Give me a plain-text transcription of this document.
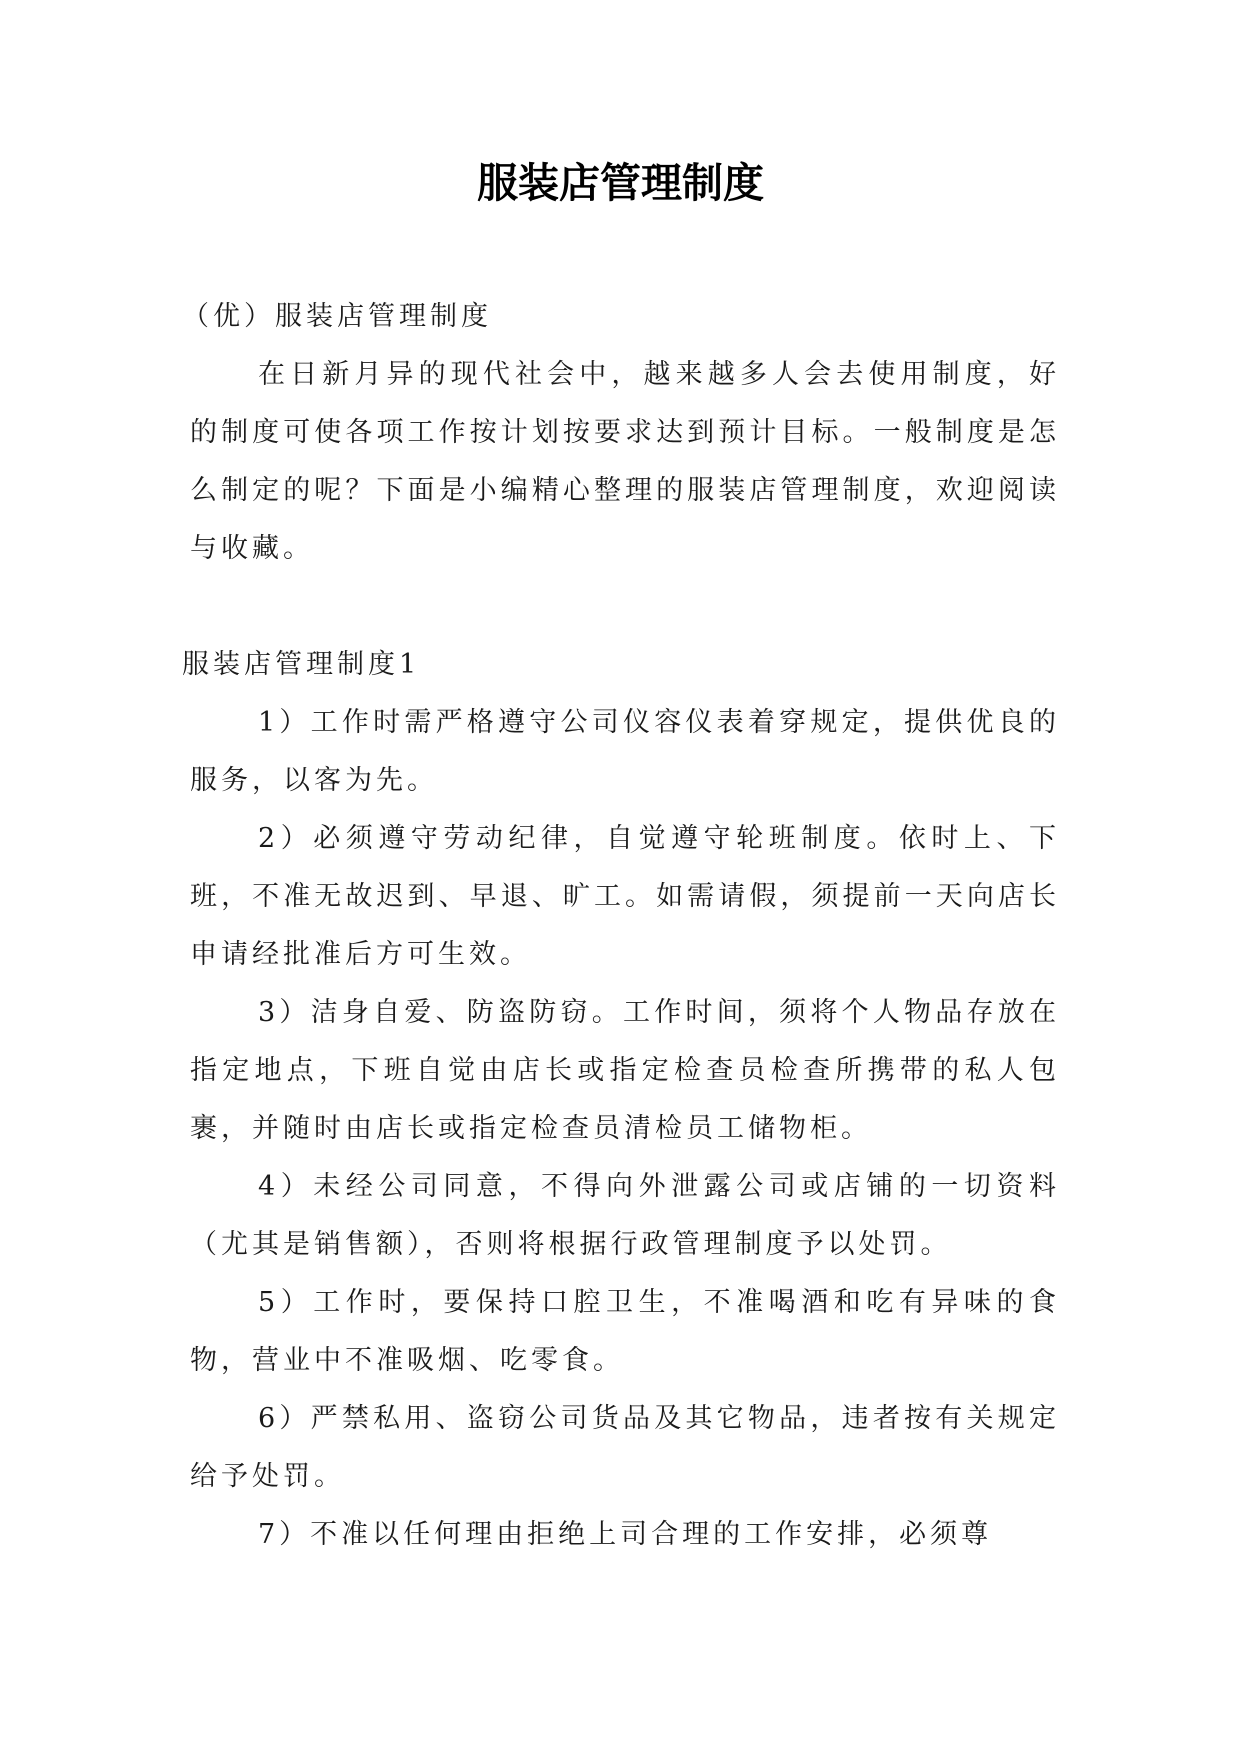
服装店管理制度

（优）服装店管理制度

在日新月异的现代社会中，越来越多人会去使用制度，好的制度可使各项工作按计划按要求达到预计目标。一般制度是怎么制定的呢？下面是小编精心整理的服装店管理制度，欢迎阅读与收藏。

服装店管理制度1

1）工作时需严格遵守公司仪容仪表着穿规定，提供优良的服务，以客为先。

2）必须遵守劳动纪律，自觉遵守轮班制度。依时上、下班，不准无故迟到、早退、旷工。如需请假，须提前一天向店长申请经批准后方可生效。

3）洁身自爱、防盗防窃。工作时间，须将个人物品存放在指定地点，下班自觉由店长或指定检查员检查所携带的私人包裹，并随时由店长或指定检查员清检员工储物柜。

4）未经公司同意，不得向外泄露公司或店铺的一切资料（尤其是销售额），否则将根据行政管理制度予以处罚。

5）工作时，要保持口腔卫生，不准喝酒和吃有异味的食物，营业中不准吸烟、吃零食。

6）严禁私用、盗窃公司货品及其它物品，违者按有关规定给予处罚。

7）不准以任何理由拒绝上司合理的工作安排，必须尊
